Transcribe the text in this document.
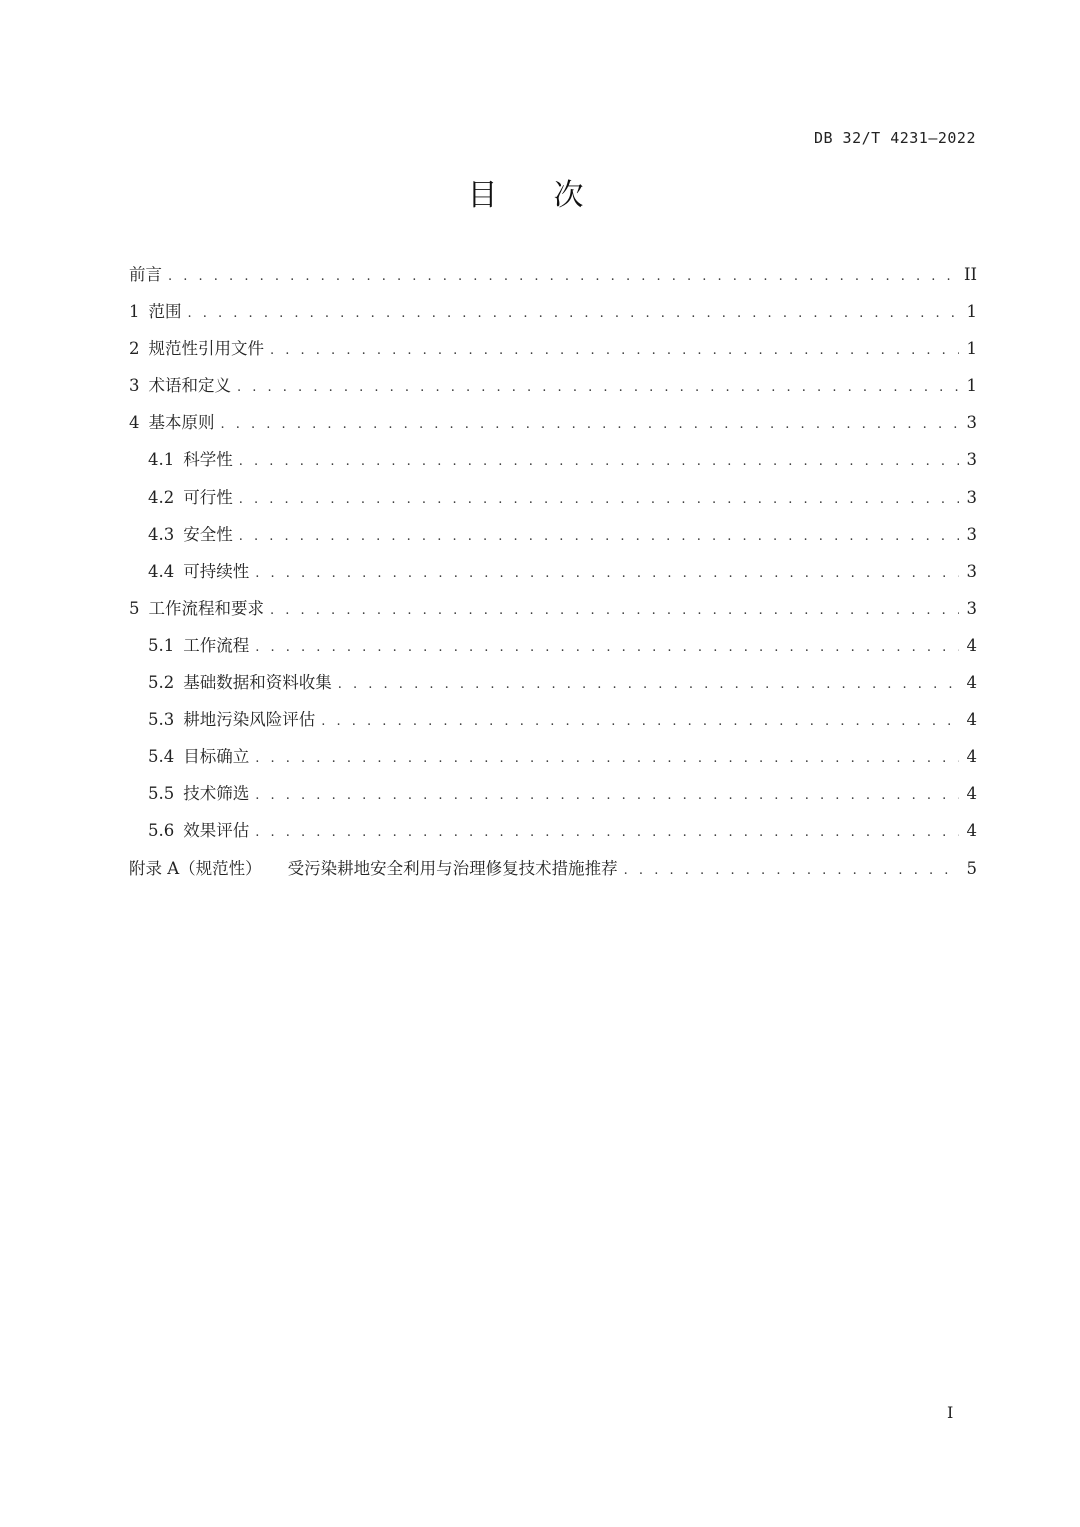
DB 32/T 4231—2022
目次
前言 . . .	II
1 范围 . . .	1
2 规范性引用文件 . . .	1
3 术语和定义 . . .	1
4 基本原则 . . .	3
4.1 科学性 . . .	3
4.2 可行性 . . .	3
4.3 安全性 . . .	3
4.4 可持续性 . . .	3
5 工作流程和要求 . . .	3
5.1 工作流程 . . .	4
5.2 基础数据和资料收集 . . .	4
5.3 耕地污染风险评估 . . .	4
5.4 目标确立 . . .	4
5.5 技术筛选 . . .	4
5.6 效果评估 . . .	4
附录 A（规范性） 受污染耕地安全利用与治理修复技术措施推荐 . . .	5
I
